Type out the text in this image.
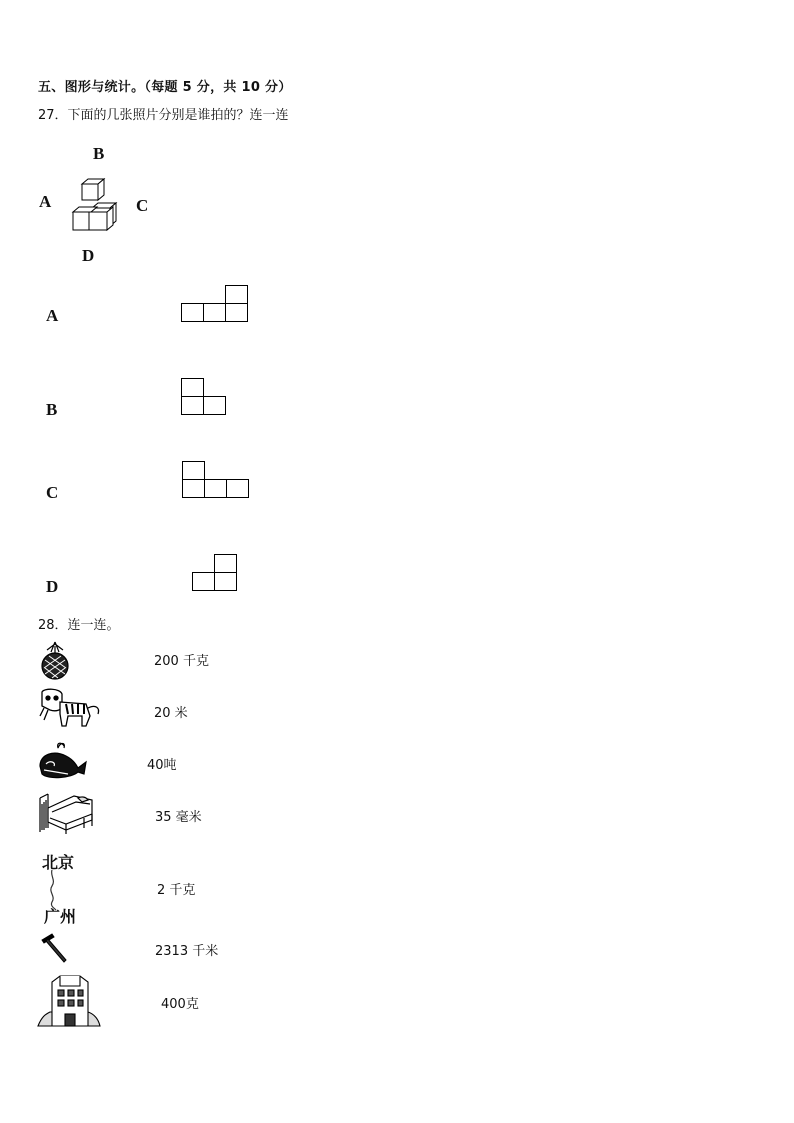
五、图形与统计。（每题 5 分，共 10 分）
27．下面的几张照片分别是谁拍的？连一连
B
A	C
D
A
B
C
D
28．连一连。
北京
广州
200 千克
20 米
40吨
35 毫米
2 千克
2313 千米
400克
